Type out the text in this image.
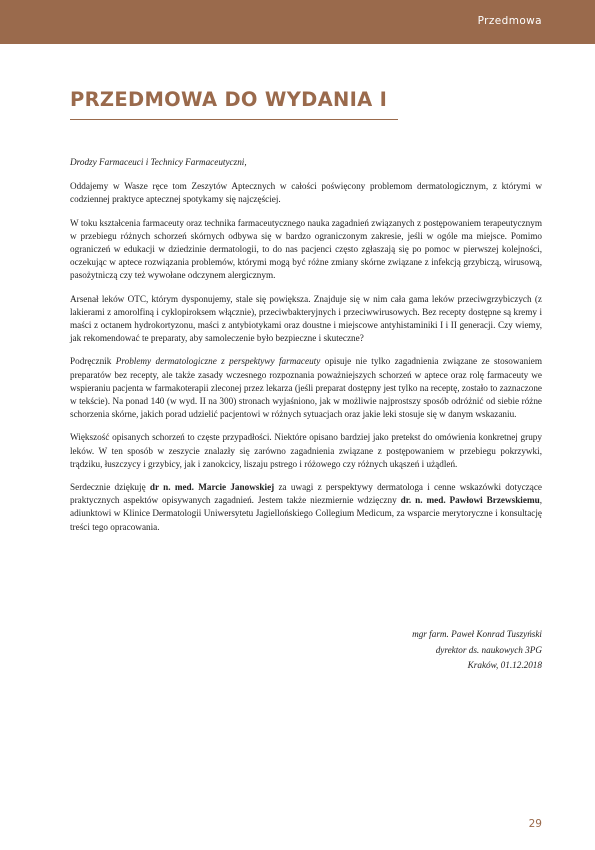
Przedmowa
PRZEDMOWA DO WYDANIA I

Drodzy Farmaceuci i Technicy Farmaceutyczni,

Oddajemy w Wasze ręce tom Zeszytów Aptecznych w całości poświęcony problemom dermatologicznym, z którymi w codziennej praktyce aptecznej spotykamy się najczęściej.

W toku kształcenia farmaceuty oraz technika farmaceutycznego nauka zagadnień związanych z postępowaniem terapeutycznym w przebiegu różnych schorzeń skórnych odbywa się w bardzo ograniczonym zakresie, jeśli w ogóle ma miejsce. Pomimo ograniczeń w edukacji w dziedzinie dermatologii, to do nas pacjenci często zgłaszają się po pomoc w pierwszej kolejności, oczekując w aptece rozwiązania problemów, którymi mogą być różne zmiany skórne związane z infekcją grzybiczą, wirusową, pasożytniczą czy też wywołane odczynem alergicznym.

Arsenał leków OTC, którym dysponujemy, stale się powiększa. Znajduje się w nim cała gama leków przeciwgrzybiczych (z lakierami z amorolfiną i cyklopiroksem włącznie), przeciwbakteryjnych i przeciwwirusowych. Bez recepty dostępne są kremy i maści z octanem hydrokortyzonu, maści z antybiotykami oraz doustne i miejscowe antyhistaminiki I i II generacji. Czy wiemy, jak rekomendować te preparaty, aby samoleczenie było bezpieczne i skuteczne?

Podręcznik Problemy dermatologiczne z perspektywy farmaceuty opisuje nie tylko zagadnienia związane ze stosowaniem preparatów bez recepty, ale także zasady wczesnego rozpoznania poważniejszych schorzeń w aptece oraz rolę farmaceuty we wspieraniu pacjenta w farmakoterapii zleconej przez lekarza (jeśli preparat dostępny jest tylko na receptę, zostało to zaznaczone w tekście). Na ponad 140 (w wyd. II na 300) stronach wyjaśniono, jak w możliwie najprostszy sposób odróżnić od siebie różne schorzenia skórne, jakich porad udzielić pacjentowi w różnych sytuacjach oraz jakie leki stosuje się w danym wskazaniu.

Większość opisanych schorzeń to częste przypadłości. Niektóre opisano bardziej jako pretekst do omówienia konkretnej grupy leków. W ten sposób w zeszycie znalazły się zarówno zagadnienia związane z postępowaniem w przebiegu pokrzywki, trądziku, łuszczycy i grzybicy, jak i zanokcicy, liszaju pstrego i różowego czy różnych ukąszeń i użądleń.

Serdecznie dziękuję dr n. med. Marcie Janowskiej za uwagi z perspektywy dermatologa i cenne wskazówki dotyczące praktycznych aspektów opisywanych zagadnień. Jestem także niezmiernie wdzięczny dr. n. med. Pawłowi Brzewskiemu, adiunktowi w Klinice Dermatologii Uniwersytetu Jagiellońskiego Collegium Medicum, za wsparcie merytoryczne i konsultację treści tego opracowania.

mgr farm. Paweł Konrad Tuszyński
dyrektor ds. naukowych 3PG
Kraków, 01.12.2018
29
